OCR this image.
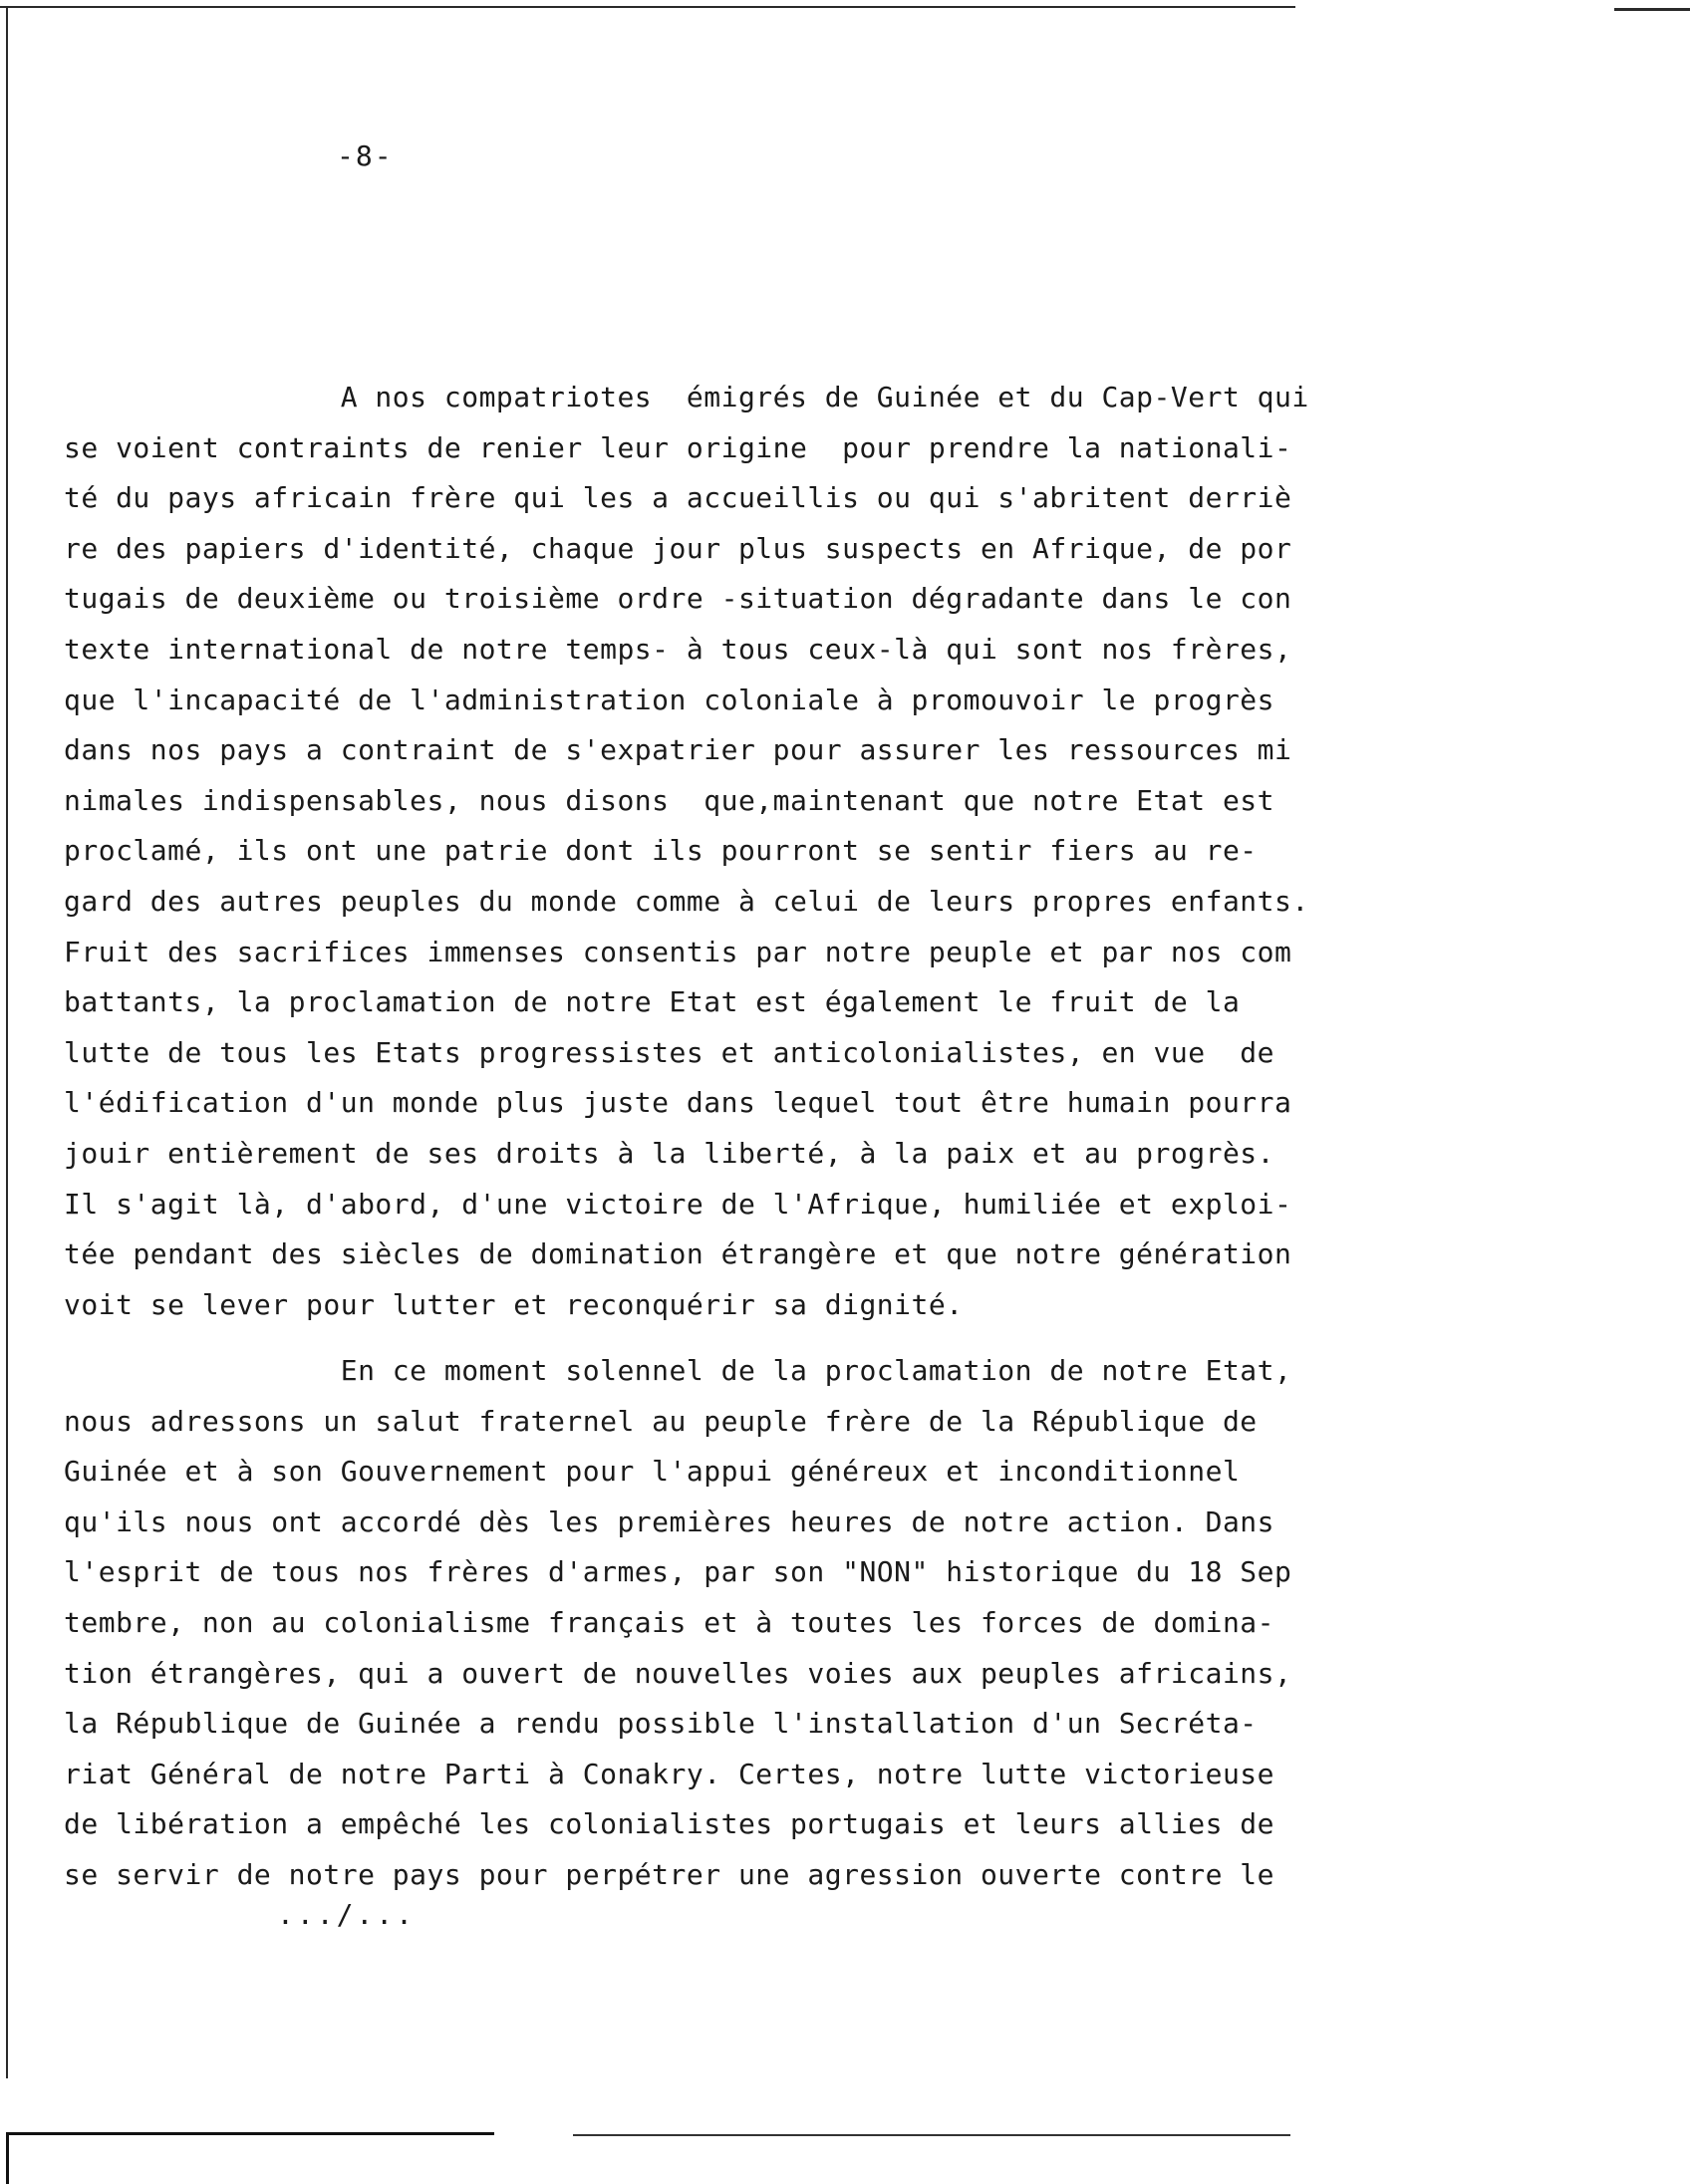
-8-
A nos compatriotes  émigrés de Guinée et du Cap-Vert qui
se voient contraints de renier leur origine  pour prendre la nationali-
té du pays africain frère qui les a accueillis ou qui s'abritent derriè
re des papiers d'identité, chaque jour plus suspects en Afrique, de por
tugais de deuxième ou troisième ordre -situation dégradante dans le con
texte international de notre temps- à tous ceux-là qui sont nos frères,
que l'incapacité de l'administration coloniale à promouvoir le progrès
dans nos pays a contraint de s'expatrier pour assurer les ressources mi
nimales indispensables, nous disons  que,maintenant que notre Etat est
proclamé, ils ont une patrie dont ils pourront se sentir fiers au re-
gard des autres peuples du monde comme à celui de leurs propres enfants.
Fruit des sacrifices immenses consentis par notre peuple et par nos com
battants, la proclamation de notre Etat est également le fruit de la
lutte de tous les Etats progressistes et anticolonialistes, en vue  de
l'édification d'un monde plus juste dans lequel tout être humain pourra
jouir entièrement de ses droits à la liberté, à la paix et au progrès.
Il s'agit là, d'abord, d'une victoire de l'Afrique, humiliée et exploi-
tée pendant des siècles de domination étrangère et que notre génération
voit se lever pour lutter et reconquérir sa dignité.
En ce moment solennel de la proclamation de notre Etat,
nous adressons un salut fraternel au peuple frère de la République de
Guinée et à son Gouvernement pour l'appui généreux et inconditionnel
qu'ils nous ont accordé dès les premières heures de notre action. Dans
l'esprit de tous nos frères d'armes, par son "NON" historique du 18 Sep
tembre, non au colonialisme français et à toutes les forces de domina-
tion étrangères, qui a ouvert de nouvelles voies aux peuples africains,
la République de Guinée a rendu possible l'installation d'un Secréta-
riat Général de notre Parti à Conakry. Certes, notre lutte victorieuse
de libération a empêché les colonialistes portugais et leurs allies de
se servir de notre pays pour perpétrer une agression ouverte contre le
.../...
